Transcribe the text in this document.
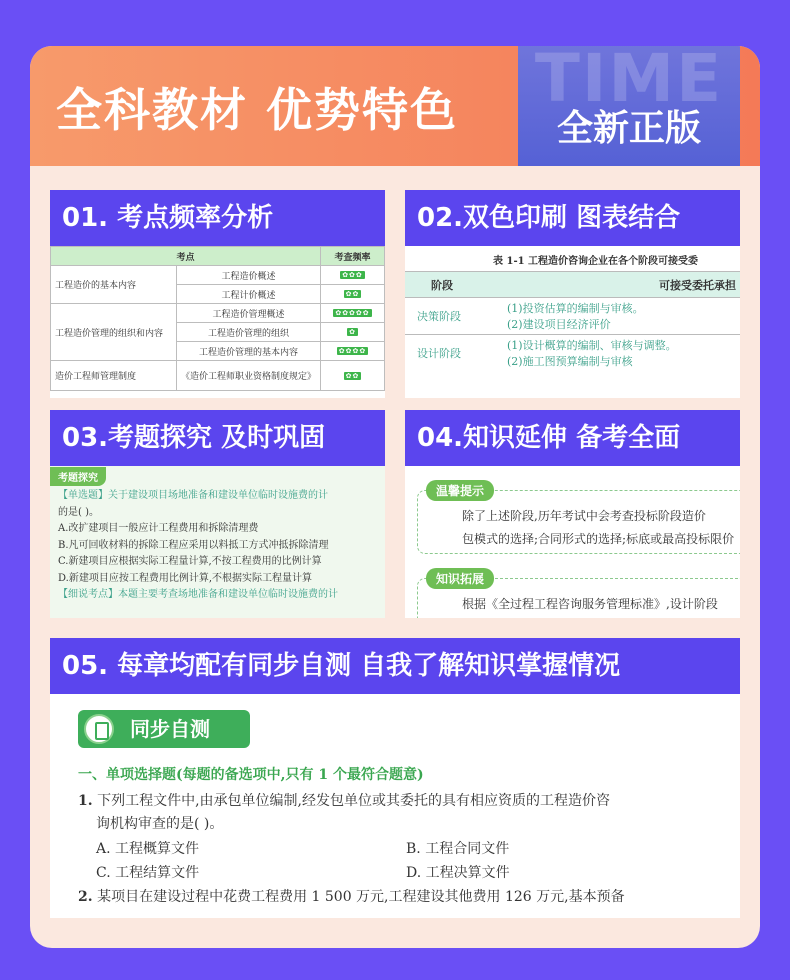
全科教材 优势特色 TIME
全新正版
01. 考点频率分析
考点		考查频率
工程造价的基本内容	工程造价概述	✿✿✿
	工程计价概述	✿✿
工程造价管理的组织和内容	工程造价管理概述	✿✿✿✿✿
	工程造价管理的组织	✿
	工程造价管理的基本内容	✿✿✿✿
造价工程师管理制度	《造价工程师职业资格制度规定》	✿✿
02.双色印刷 图表结合
表 1-1 工程造价咨询企业在各个阶段可接受委
阶段	可接受委托承担
决策阶段	(1)投资估算的编制与审核。
(2)建设项目经济评价

设计阶段	(1)设计概算的编制、审核与调整。
(2)施工图预算编制与审核
03.考题探究 及时巩固
考题探究
【单选题】关于建设项目场地准备和建设单位临时设施费的计
的是( )。
A.改扩建项目一般应计工程费用和拆除清理费
B.凡可回收材料的拆除工程应采用以料抵工方式冲抵拆除清理
C.新建项目应根据实际工程量计算,不按工程费用的比例计算
D.新建项目应按工程费用比例计算,不根据实际工程量计算
【细说考点】本题主要考查场地准备和建设单位临时设施费的计
04.知识延伸 备考全面
温馨提示
除了上述阶段,历年考试中会考查投标阶段造价
包模式的选择;合同形式的选择;标底或最高投标限价
知识拓展
根据《全过程工程咨询服务管理标准》,设计阶段
05. 每章均配有同步自测 自我了解知识掌握情况
同步自测
一、单项选择题(每题的备选项中,只有 1 个最符合题意)
1. 下列工程文件中,由承包单位编制,经发包单位或其委托的具有相应资质的工程造价咨
询机构审查的是( )。
A. 工程概算文件	B. 工程合同文件
C. 工程结算文件	D. 工程决算文件
2. 某项目在建设过程中花费工程费用 1 500 万元,工程建设其他费用 126 万元,基本预备
